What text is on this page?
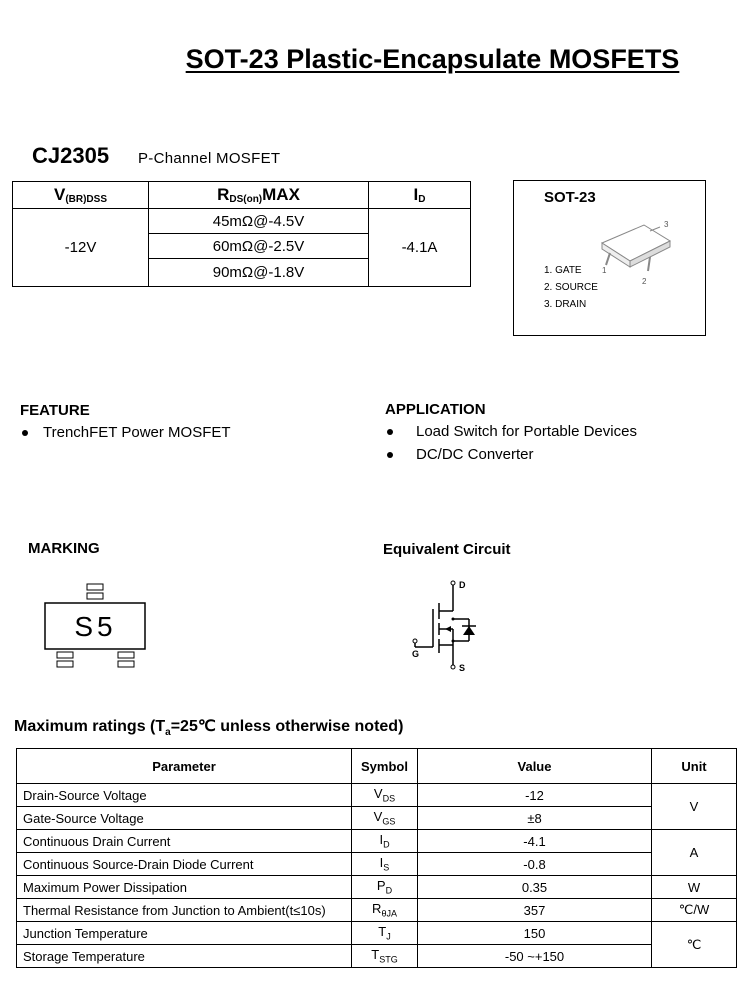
SOT-23 Plastic-Encapsulate MOSFETS
CJ2305 P-Channel MOSFET
$V_{(BR)DSS}$	$R_{DS(on)}MAX$	$I_D$
-12V	45mΩ@-4.5V	-4.1A
	60mΩ@-2.5V	
	90mΩ@-1.8V	
SOT-23
3
1
2
1. GATE
2. SOURCE
3. DRAIN
FEATURE
TrenchFET Power MOSFET
APPLICATION
Load Switch for Portable Devices
DC/DC Converter
MARKING
S5
Equivalent Circuit
D
G
S
Maximum ratings ($T_a=25℃$ unless otherwise noted)
Parameter	Symbol	Value	Unit
Drain-Source Voltage	$V_{DS}$	-12	V
Gate-Source Voltage	$V_{GS}$	±8	
Continuous Drain Current	$I_D$	-4.1	A
Continuous Source-Drain Diode Current	$I_S$	-0.8	
Maximum Power Dissipation	$P_D$	0.35	W
Thermal Resistance from Junction to Ambient(t≤10s)	$R_{\theta JA}$	357	℃/W
Junction Temperature	$T_J$	150	℃
Storage Temperature	$T_{STG}$	-50 ~+150	
